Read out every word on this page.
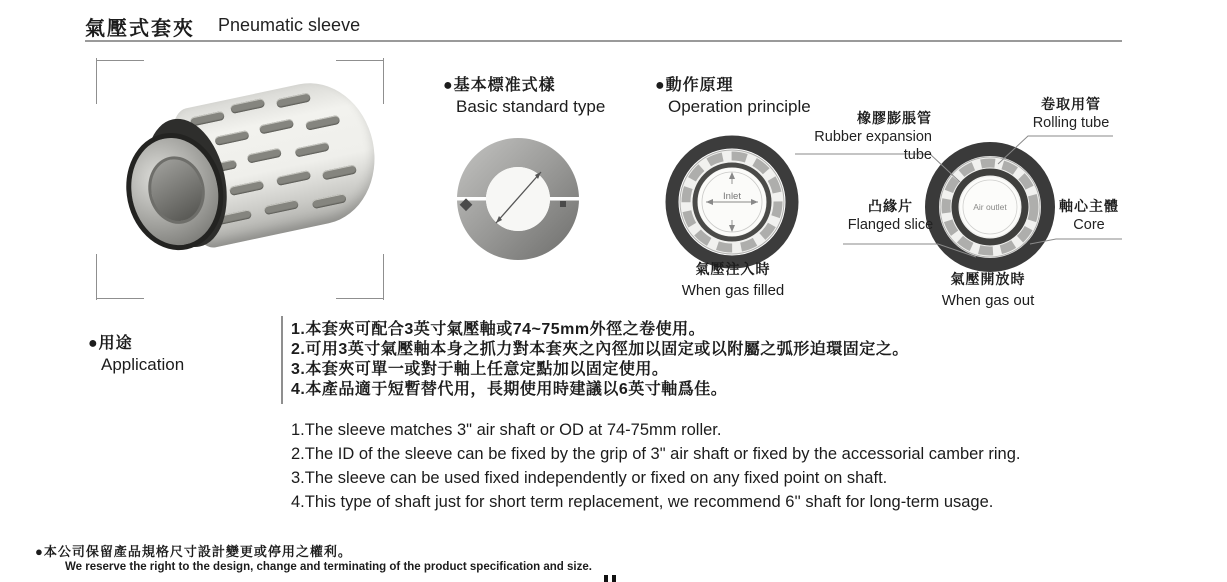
氣壓式套夾 Pneumatic sleeve
●基本標准式樣
Basic standard type
●動作原理
Operation principle
Inlet
Air outlet
橡膠膨脹管
Rubber expansion tube
卷取用管
Rolling tube
凸緣片
Flanged slice
軸心主體
Core
氣壓注入時
When gas filled
氣壓開放時
When gas out
●用途
Application
1.本套夾可配合3英寸氣壓軸或74~75mm外徑之卷使用。
2.可用3英寸氣壓軸本身之抓力對本套夾之內徑加以固定或以附屬之弧形迫環固定之。
3.本套夾可單一或對于軸上任意定點加以固定使用。
4.本產品適于短暫替代用，長期使用時建議以6英寸軸爲佳。
1.The sleeve matches 3" air shaft or OD at 74-75mm roller.
2.The ID of the sleeve can be fixed by the grip of 3" air shaft or fixed by the accessorial camber ring.
3.The sleeve can be used fixed independently or fixed on any fixed point on shaft.
4.This type of shaft just for short term replacement, we recommend 6'' shaft for long-term usage.
●本公司保留產品規格尺寸設計變更或停用之權利。
We reserve the right to the design, change and terminating of the product specification and size.
